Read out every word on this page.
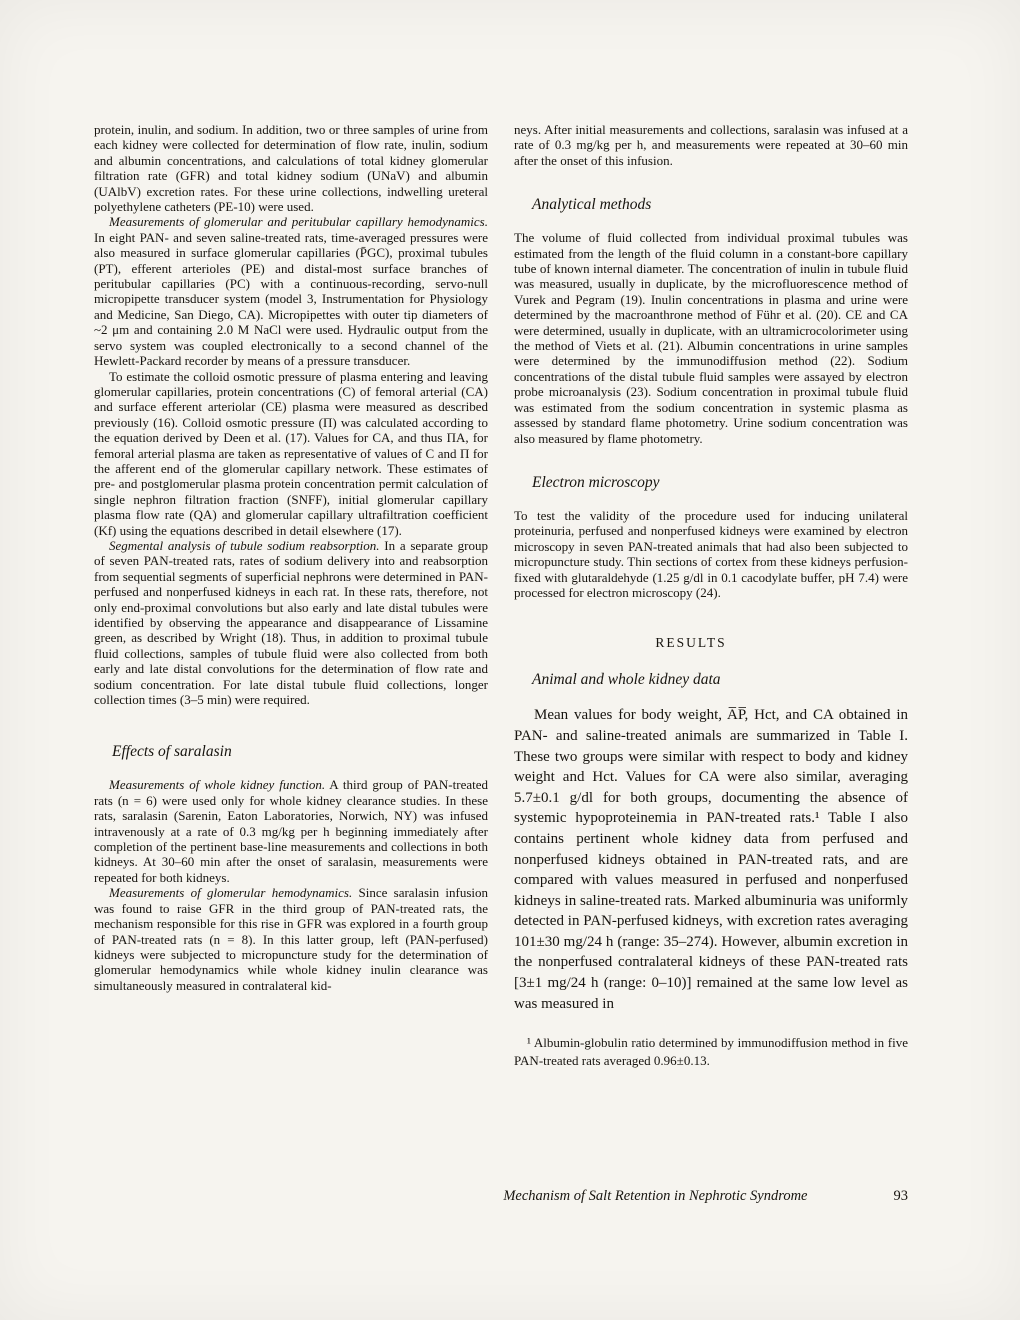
protein, inulin, and sodium. In addition, two or three samples of urine from each kidney were collected for determination of flow rate, inulin, sodium and albumin concentrations, and calculations of total kidney glomerular filtration rate (GFR) and total kidney sodium (UNaV) and albumin (UAlbV) excretion rates. For these urine collections, indwelling ureteral polyethylene catheters (PE-10) were used.

Measurements of glomerular and peritubular capillary hemodynamics. In eight PAN- and seven saline-treated rats, time-averaged pressures were also measured in surface glomerular capillaries (P̄GC), proximal tubules (PT), efferent arterioles (PE) and distal-most surface branches of peritubular capillaries (PC) with a continuous-recording, servo-null micropipette transducer system (model 3, Instrumentation for Physiology and Medicine, San Diego, CA). Micropipettes with outer tip diameters of ~2 μm and containing 2.0 M NaCl were used. Hydraulic output from the servo system was coupled electronically to a second channel of the Hewlett-Packard recorder by means of a pressure transducer.

To estimate the colloid osmotic pressure of plasma entering and leaving glomerular capillaries, protein concentrations (C) of femoral arterial (CA) and surface efferent arteriolar (CE) plasma were measured as described previously (16). Colloid osmotic pressure (Π) was calculated according to the equation derived by Deen et al. (17). Values for CA, and thus ΠA, for femoral arterial plasma are taken as representative of values of C and Π for the afferent end of the glomerular capillary network. These estimates of pre- and postglomerular plasma protein concentration permit calculation of single nephron filtration fraction (SNFF), initial glomerular capillary plasma flow rate (QA) and glomerular capillary ultrafiltration coefficient (Kf) using the equations described in detail elsewhere (17).

Segmental analysis of tubule sodium reabsorption. In a separate group of seven PAN-treated rats, rates of sodium delivery into and reabsorption from sequential segments of superficial nephrons were determined in PAN-perfused and nonperfused kidneys in each rat. In these rats, therefore, not only end-proximal convolutions but also early and late distal tubules were identified by observing the appearance and disappearance of Lissamine green, as described by Wright (18). Thus, in addition to proximal tubule fluid collections, samples of tubule fluid were also collected from both early and late distal convolutions for the determination of flow rate and sodium concentration. For late distal tubule fluid collections, longer collection times (3–5 min) were required.

Effects of saralasin

Measurements of whole kidney function. A third group of PAN-treated rats (n = 6) were used only for whole kidney clearance studies. In these rats, saralasin (Sarenin, Eaton Laboratories, Norwich, NY) was infused intravenously at a rate of 0.3 mg/kg per h beginning immediately after completion of the pertinent base-line measurements and collections in both kidneys. At 30–60 min after the onset of saralasin, measurements were repeated for both kidneys.

Measurements of glomerular hemodynamics. Since saralasin infusion was found to raise GFR in the third group of PAN-treated rats, the mechanism responsible for this rise in GFR was explored in a fourth group of PAN-treated rats (n = 8). In this latter group, left (PAN-perfused) kidneys were subjected to micropuncture study for the determination of glomerular hemodynamics while whole kidney inulin clearance was simultaneously measured in contralateral kid-

neys. After initial measurements and collections, saralasin was infused at a rate of 0.3 mg/kg per h, and measurements were repeated at 30–60 min after the onset of this infusion.

Analytical methods

The volume of fluid collected from individual proximal tubules was estimated from the length of the fluid column in a constant-bore capillary tube of known internal diameter. The concentration of inulin in tubule fluid was measured, usually in duplicate, by the microfluorescence method of Vurek and Pegram (19). Inulin concentrations in plasma and urine were determined by the macroanthrone method of Führ et al. (20). CE and CA were determined, usually in duplicate, with an ultramicrocolorimeter using the method of Viets et al. (21). Albumin concentrations in urine samples were determined by the immunodiffusion method (22). Sodium concentrations of the distal tubule fluid samples were assayed by electron probe microanalysis (23). Sodium concentration in proximal tubule fluid was estimated from the sodium concentration in systemic plasma as assessed by standard flame photometry. Urine sodium concentration was also measured by flame photometry.

Electron microscopy

To test the validity of the procedure used for inducing unilateral proteinuria, perfused and nonperfused kidneys were examined by electron microscopy in seven PAN-treated animals that had also been subjected to micropuncture study. Thin sections of cortex from these kidneys perfusion-fixed with glutaraldehyde (1.25 g/dl in 0.1 cacodylate buffer, pH 7.4) were processed for electron microscopy (24).

RESULTS
Animal and whole kidney data

Mean values for body weight, A̅P̅, Hct, and CA obtained in PAN- and saline-treated animals are summarized in Table I. These two groups were similar with respect to body and kidney weight and Hct. Values for CA were also similar, averaging 5.7±0.1 g/dl for both groups, documenting the absence of systemic hypoproteinemia in PAN-treated rats.¹ Table I also contains pertinent whole kidney data from perfused and nonperfused kidneys obtained in PAN-treated rats, and are compared with values measured in perfused and nonperfused kidneys in saline-treated rats. Marked albuminuria was uniformly detected in PAN-perfused kidneys, with excretion rates averaging 101±30 mg/24 h (range: 35–274). However, albumin excretion in the nonperfused contralateral kidneys of these PAN-treated rats [3±1 mg/24 h (range: 0–10)] remained at the same low level as was measured in

¹ Albumin-globulin ratio determined by immunodiffusion method in five PAN-treated rats averaged 0.96±0.13.

Mechanism of Salt Retention in Nephrotic Syndrome	93
